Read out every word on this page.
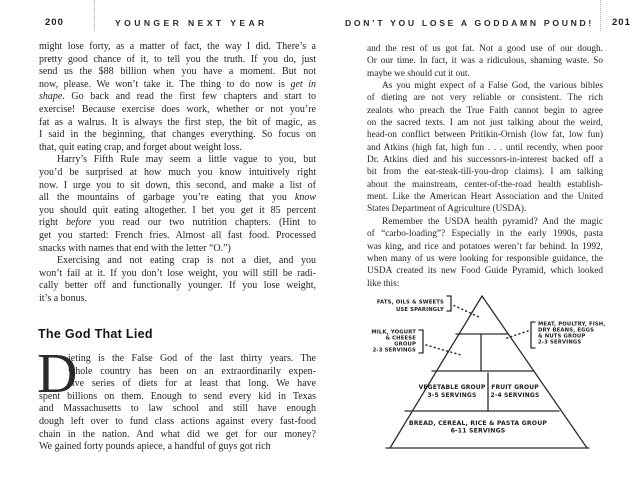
200	YOUNGER NEXT YEAR	DON’T YOU LOSE A GODDAMN POUND! 201
might lose forty, as a matter of fact, the way I did. There’s a
pretty good chance of it, to tell you the truth. If you do, just
send us the $88 billion when you have a moment. But not
now, please. We won’t take it. The thing to do now is get in
shape. Go back and read the first few chapters and start to
exercise! Because exercise does work, whether or not you’re
fat as a walrus. It is always the first step, the bit of magic, as
I said in the beginning, that changes everything. So focus on
that, quit eating crap, and forget about weight loss.
Harry’s Fifth Rule may seem a little vague to you, but
you’d be surprised at how much you know intuitively right
now. I urge you to sit down, this second, and make a list of
all the mountains of garbage you’re eating that you know
you should quit eating altogether. I bet you get it 85 percent
right before you read our two nutrition chapters. (Hint to
get you started: French fries. Almost all fast food. Processed
snacks with names that end with the letter “O.”)
Exercising and not eating crap is not a diet, and you
won’t fail at it. If you don’t lose weight, you will still be radi-
cally better off and functionally younger. If you lose weight,
it’s a bonus.
The God That Lied
D
ieting is the False God of the last thirty years. The
whole country has been on an extraordinarily expen-
sive series of diets for at least that long. We have
spent billions on them. Enough to send every kid in Texas
and Massachusetts to law school and still have enough
dough left over to fund class actions against every fast-food
chain in the nation. And what did we get for our money?
We gained forty pounds apiece, a handful of guys got rich
and the rest of us got fat. Not a good use of our dough.
Or our time. In fact, it was a ridiculous, shaming waste. So
maybe we should cut it out.
As you might expect of a False God, the various bibles
of dieting are not very reliable or consistent. The rich
zealots who preach the True Faith cannot begin to agree
on the sacred texts. I am not just talking about the weird,
head-on conflict between Pritikin-Ornish (low fat, low fun)
and Atkins (high fat, high fun . . . until recently, when poor
Dr. Atkins died and his successors-in-interest backed off a
bit from the eat-steak-till-you-drop claims). I am talking
about the mainstream, center-of-the-road health establish-
ment. Like the American Heart Association and the United
States Department of Agriculture (USDA).
Remember the USDA health pyramid? And the magic
of “carbo-loading”? Especially in the early 1990s, pasta
was king, and rice and potatoes weren’t far behind. In 1992,
when many of us were looking for responsible guidance, the
USDA created its new Food Guide Pyramid, which looked
like this:
FATS, OILS & SWEETS USE SPARINGLY
MILK, YOGURT & CHEESE GROUP 2-3 SERVINGS
MEAT, POULTRY, FISH, DRY BEANS, EGGS & NUTS GROUP 2-3 SERVINGS
VEGETABLE GROUP 3-5 SERVINGS
FRUIT GROUP 2-4 SERVINGS
BREAD, CEREAL, RICE & PASTA GROUP 6-11 SERVINGS
